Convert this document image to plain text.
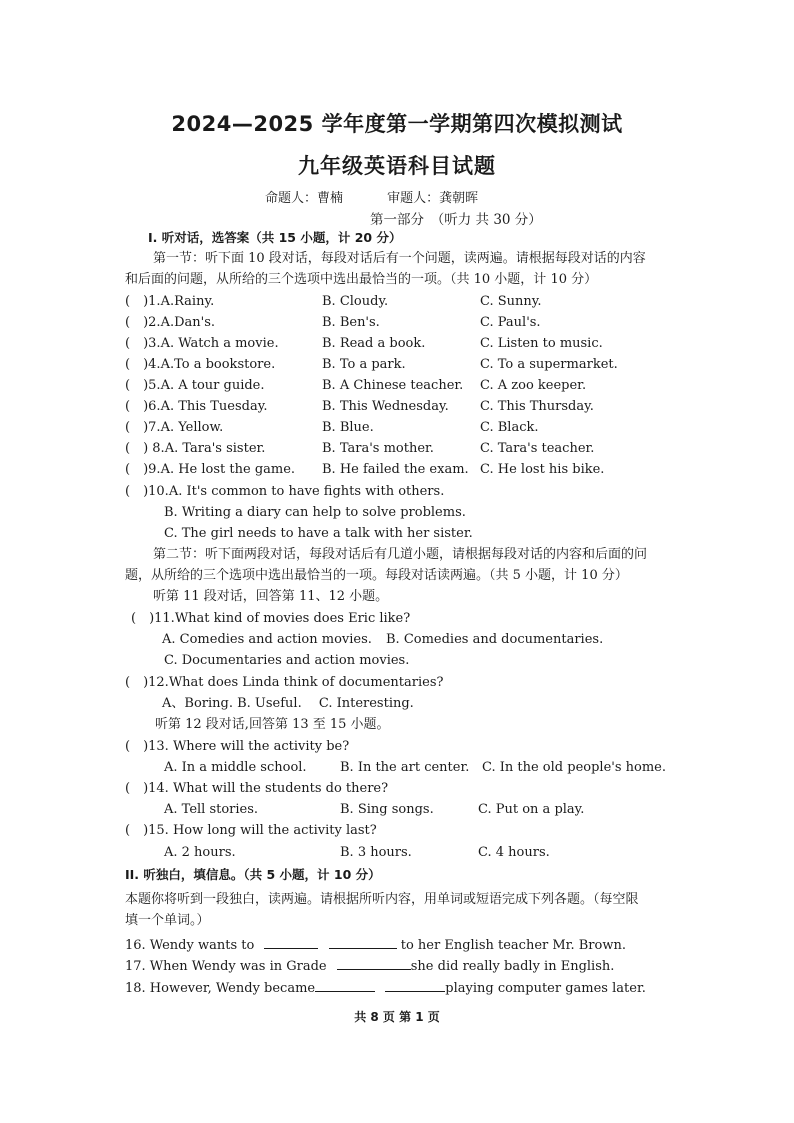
2024—2025 学年度第一学期第四次模拟测试
九年级英语科目试题
命题人：曹楠	审题人：龚朝晖
第一部分　（听力 共 30 分）
I. 听对话，选答案（共 15 小题，计 20 分）
第一节：听下面 10 段对话，每段对话后有一个问题，读两遍。请根据每段对话的内容
和后面的问题，从所给的三个选项中选出最恰当的一项。（共 10 小题，计 10 分）
(　)1.A.Rainy.	B. Cloudy.	C. Sunny.
(　)2.A.Dan's.	B. Ben's.	C. Paul's.
(　)3.A. Watch a movie.	B. Read a book.	C. Listen to music.
(　)4.A.To a bookstore.	B. To a park.	C. To a supermarket.
(　)5.A. A tour guide.	B. A Chinese teacher. C. A zoo keeper.
(　)6.A. This Tuesday.	B. This Wednesday. C. This Thursday.
(　)7.A. Yellow.	B. Blue.	C. Black.
(　) 8.A. Tara's sister.	B. Tara's mother.	C. Tara's teacher.
(　)9.A. He lost the game. B. He failed the exam. C. He lost his bike.
(　)10.A. It's common to have fights with others.
B. Writing a diary can help to solve problems.
C. The girl needs to have a talk with her sister.
第二节：听下面两段对话，每段对话后有几道小题，请根据每段对话的内容和后面的问
题，从所给的三个选项中选出最恰当的一项。每段对话读两遍。（共 5 小题，计 10 分）
听第 11 段对话，回答第 11、12 小题。
(　)11.What kind of movies does Eric like?
A. Comedies and action movies. B. Comedies and documentaries.
C. Documentaries and action movies.
(　)12.What does Linda think of documentaries?
A、Boring. B. Useful.　 C. Interesting.
听第 12 段对话,回答第 13 至 15 小题。
(　)13. Where will the activity be?
A. In a middle school.	B. In the art center. C. In the old people's home.
(　)14. What will the students do there?
A. Tell stories.	B. Sing songs.	C. Put on a play.
(　)15. How long will the activity last?
A. 2 hours.	B. 3 hours.	C. 4 hours.
II. 听独白，填信息。（共 5 小题，计 10 分）
本题你将听到一段独白，读两遍。请根据所听内容，用单词或短语完成下列各题。（每空限
填一个单词。）
16. Wendy wants to	to her English teacher Mr. Brown.
17. When Wendy was in Grade	she did really badly in English.
18. However, Wendy became	playing computer games later.
共 8 页 第 1 页
